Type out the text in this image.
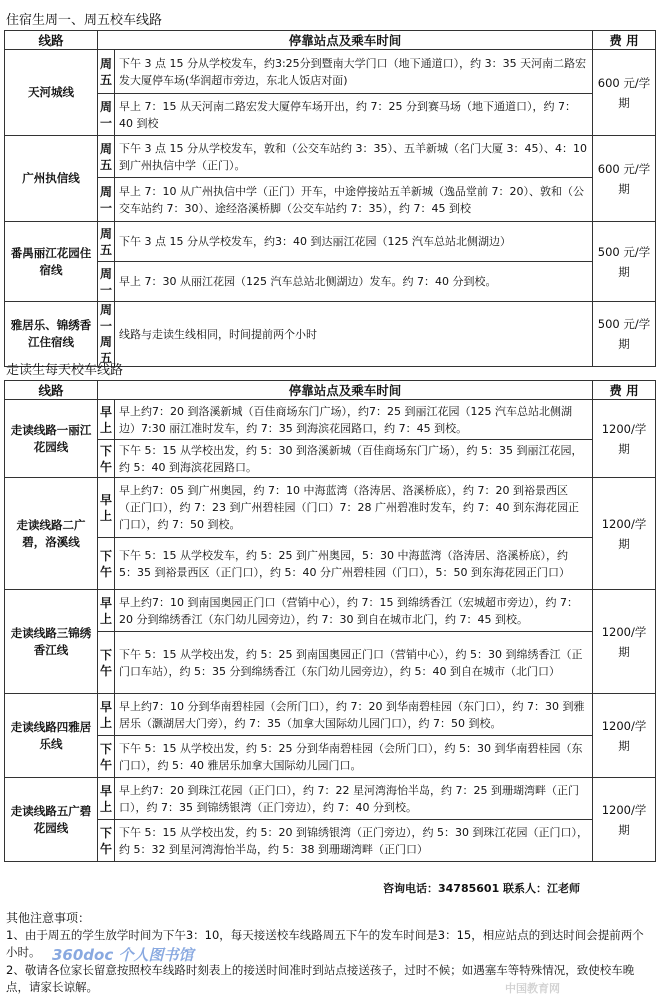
住宿生周一、周五校车线路
线路	停靠站点及乘车时间		费 用
天河城线	周五	下午 3 点 15 分从学校发车，约3:25分到暨南大学门口（地下通道口），约 3：35 天河南二路宏发大厦停车场(华润超市旁边，东北人饭店对面)	600 元/学期
	周一	早上 7：15 从天河南二路宏发大厦停车场开出，约 7：25 分到赛马场（地下通道口），约 7：40 到校	
广州执信线	周五	下午 3 点 15 分从学校发车，敦和（公交车站约 3：35）、五羊新城（名门大厦 3：45）、4：10 到广州执信中学（正门）。	600 元/学期
	周一	早上 7：10 从广州执信中学（正门）开车，中途停接站五羊新城（逸品堂前 7：20）、敦和（公交车站约 7：30）、途经洛溪桥脚（公交车站约 7：35），约 7：45 到校	
番禺丽江花园住宿线	周五	下午 3 点 15 分从学校发车，约3：40 到达丽江花园（125 汽车总站北侧湖边）	500 元/学期
	周一	早上 7：30 从丽江花园（125 汽车总站北侧湖边）发车。约 7：40 分到校。	
雅居乐、锦绣香江住宿线	周一周五	线路与走读生线相同，时间提前两个小时	500 元/学期
走读生每天校车线路
线路	停靠站点及乘车时间		费 用
走读线路一丽江花园线	早上	早上约7：20 到洛溪新城（百佳商场东门广场），约7：25 到丽江花园（125 汽车总站北侧湖边）7:30 丽江准时发车，约 7：35 到海滨花园路口，约 7：45 到校。	1200/学期
	下午	下午 5：15 从学校出发，约 5：30 到洛溪新城（百佳商场东门广场），约 5：35 到丽江花园，约 5：40 到海滨花园路口。	
走读线路二广碧，洛溪线	早上	早上约7：05 到广州奥园，约 7：10 中海蓝湾（洛涛居、洛溪桥底），约 7：20 到裕景西区（正门口），约 7：23 到广州碧桂园（门口）7：28 广州碧准时发车，约 7：40 到东海花园正门口），约 7：50 到校。	1200/学期
	下午	下午 5：15 从学校发车，约 5：25 到广州奥园，5：30 中海蓝湾（洛涛居、洛溪桥底），约 5：35 到裕景西区（正门口），约 5：40 分广州碧桂园（门口），5：50 到东海花园正门口）	
走读线路三锦绣香江线	早上	早上约7：10 到南国奥园正门口（营销中心），约 7：15 到绵绣香江（宏城超市旁边），约 7：20 分到绵绣香江（东门幼儿园旁边），约 7：30 到自在城市北门，约 7：45 到校。	1200/学期
	下午	下午 5：15 从学校出发，约 5：25 到南国奥园正门口（营销中心），约 5：30 到绵绣香江（正门口车站），约 5：35 分到绵绣香江（东门幼儿园旁边），约 5：40 到自在城市（北门口）	
走读线路四雅居乐线	早上	早上约7：10 分到华南碧桂园（会所门口），约 7：20 到华南碧桂园（东门口），约 7：30 到雅居乐（灏湖居大门旁），约 7：35（加拿大国际幼儿园门口），约 7：50 到校。	1200/学期
	下午	下午 5：15 从学校出发，约 5：25 分到华南碧桂园（会所门口），约 5：30 到华南碧桂园（东门口），约 5：40 雅居乐加拿大国际幼儿园门口。	
走读线路五广碧花园线	早上	早上约7：20 到珠江花园（正门口），约 7：22 星河湾海怡半岛，约 7：25 到珊瑚湾畔（正门口），约 7：35 到锦绣银湾（正门旁边），约 7：40 分到校。	1200/学期
	下午	下午 5：15 从学校出发，约 5：20 到锦绣银湾（正门旁边），约 5：30 到珠江花园（正门口），约 5：32 到星河湾海怡半岛，约 5：38 到珊瑚湾畔（正门口）	
咨询电话：34785601 联系人：江老师
其他注意事项：
1、由于周五的学生放学时间为下午3：10，每天接送校车线路周五下午的发车时间是3：15，相应站点的到达时间会提前两个小时。
2、敬请各位家长留意按照校车线路时刻表上的接送时间准时到站点接送孩子，过时不候；如遇塞车等特殊情况，致使校车晚点，请家长谅解。
360doc 个人图书馆
中国教育网
